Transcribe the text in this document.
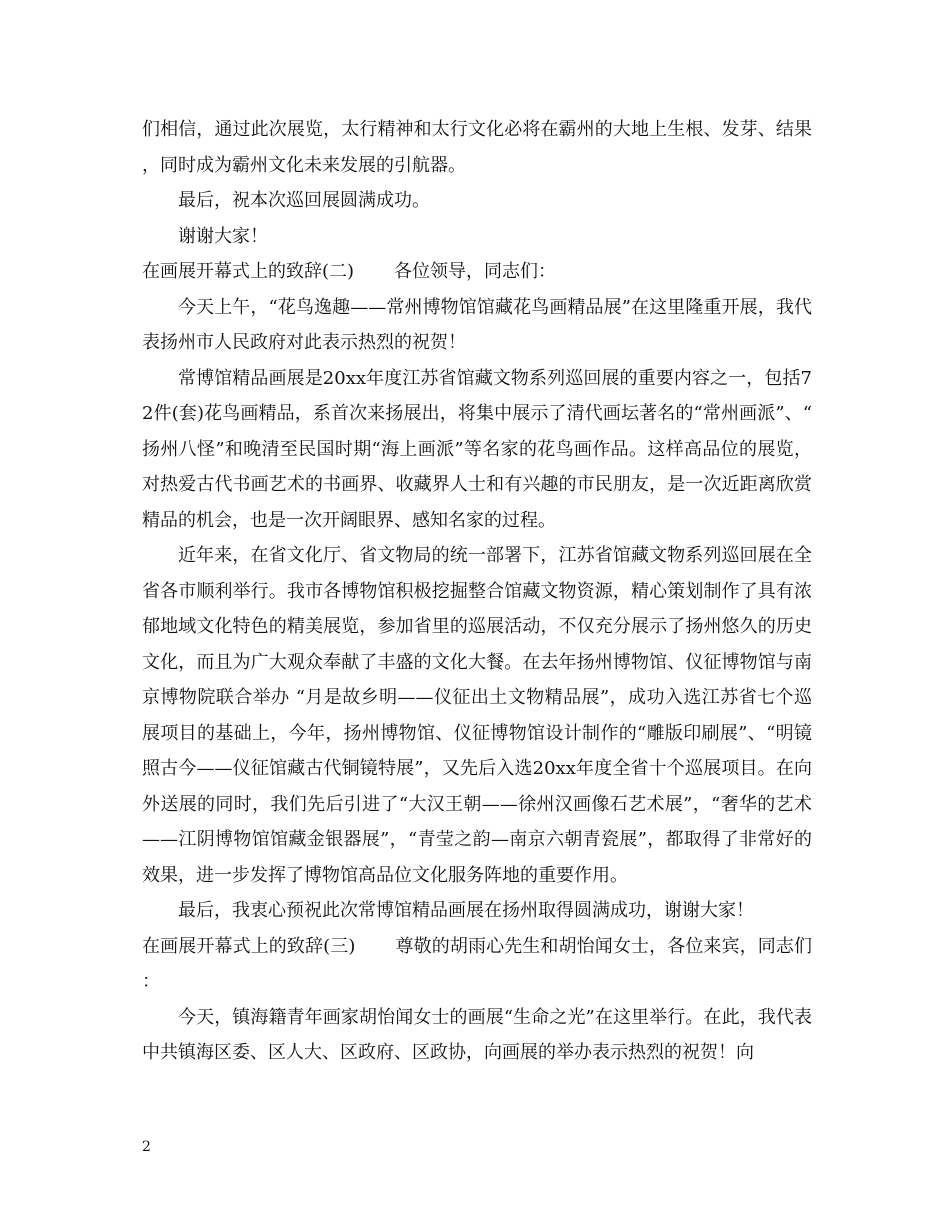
们相信，通过此次展览，太行精神和太行文化必将在霸州的大地上生根、发芽、结果，同时成为霸州文化未来发展的引航器。

最后，祝本次巡回展圆满成功。

谢谢大家！

在画展开幕式上的致辞(二) 各位领导，同志们：

今天上午，“花鸟逸趣——常州博物馆馆藏花鸟画精品展”在这里隆重开展，我代表扬州市人民政府对此表示热烈的祝贺！

常博馆精品画展是20xx年度江苏省馆藏文物系列巡回展的重要内容之一，包括72件(套)花鸟画精品，系首次来扬展出，将集中展示了清代画坛著名的“常州画派”、“扬州八怪”和晚清至民国时期“海上画派”等名家的花鸟画作品。这样高品位的展览，对热爱古代书画艺术的书画界、收藏界人士和有兴趣的市民朋友，是一次近距离欣赏精品的机会，也是一次开阔眼界、感知名家的过程。

近年来，在省文化厅、省文物局的统一部署下，江苏省馆藏文物系列巡回展在全省各市顺利举行。我市各博物馆积极挖掘整合馆藏文物资源，精心策划制作了具有浓郁地域文化特色的精美展览，参加省里的巡展活动，不仅充分展示了扬州悠久的历史文化，而且为广大观众奉献了丰盛的文化大餐。在去年扬州博物馆、仪征博物馆与南京博物院联合举办 “月是故乡明——仪征出土文物精品展”，成功入选江苏省七个巡展项目的基础上，今年，扬州博物馆、仪征博物馆设计制作的“雕版印刷展”、“明镜照古今——仪征馆藏古代铜镜特展”，又先后入选20xx年度全省十个巡展项目。在向外送展的同时，我们先后引进了“大汉王朝——徐州汉画像石艺术展”，“奢华的艺术——江阴博物馆馆藏金银器展”，“青莹之韵—南京六朝青瓷展”，都取得了非常好的效果，进一步发挥了博物馆高品位文化服务阵地的重要作用。

最后，我衷心预祝此次常博馆精品画展在扬州取得圆满成功，谢谢大家！

在画展开幕式上的致辞(三) 尊敬的胡雨心先生和胡怡闻女士，各位来宾，同志们：

今天，镇海籍青年画家胡怡闻女士的画展“生命之光”在这里举行。在此，我代表中共镇海区委、区人大、区政府、区政协，向画展的举办表示热烈的祝贺！向

2
